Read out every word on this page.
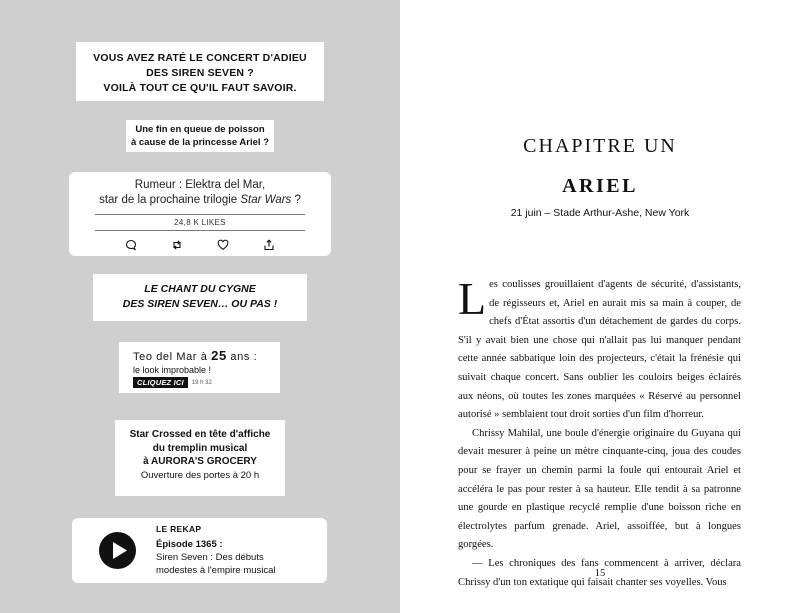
VOUS AVEZ RATÉ LE CONCERT D'ADIEU
DES SIREN SEVEN ?
VOILÀ TOUT CE QU'IL FAUT SAVOIR.
Une fin en queue de poisson
à cause de la princesse Ariel ?
Rumeur : Elektra del Mar,
star de la prochaine trilogie Star Wars ?
24,8 K LIKES
LE CHANT DU CYGNE
DES SIREN SEVEN… OU PAS !
Teo del Mar à 25 ans :
le look improbable !
CLIQUEZ ICI	19 h 32
Star Crossed en tête d'affiche
du tremplin musical
à AURORA'S GROCERY
Ouverture des portes à 20 h
LE REKAP
Épisode 1365 :
Siren Seven : Des débuts
modestes à l'empire musical
CHAPITRE UN
ARIEL
21 juin – Stade Arthur-Ashe, New York

Les coulisses grouillaient d'agents de sécurité, d'assistants, de régisseurs et, Ariel en aurait mis sa main à couper, de chefs d'État assortis d'un détachement de gardes du corps. S'il y avait bien une chose qui n'allait pas lui manquer pendant cette année sabbatique loin des projecteurs, c'était la frénésie qui suivait chaque concert. Sans oublier les couloirs beiges éclairés aux néons, où toutes les zones marquées « Réservé au personnel autorisé » semblaient tout droit sorties d'un film d'horreur.

Chrissy Mahilal, une boule d'énergie originaire du Guyana qui devait mesurer à peine un mètre cinquante-cinq, joua des coudes pour se frayer un chemin parmi la foule qui entourait Ariel et accéléra le pas pour rester à sa hauteur. Elle tendit à sa patronne une gourde en plastique recyclé remplie d'une boisson riche en électrolytes parfum grenade. Ariel, assoiffée, but à longues gorgées.

— Les chroniques des fans commencent à arriver, déclara Chrissy d'un ton extatique qui faisait chanter ses voyelles. Vous

15
